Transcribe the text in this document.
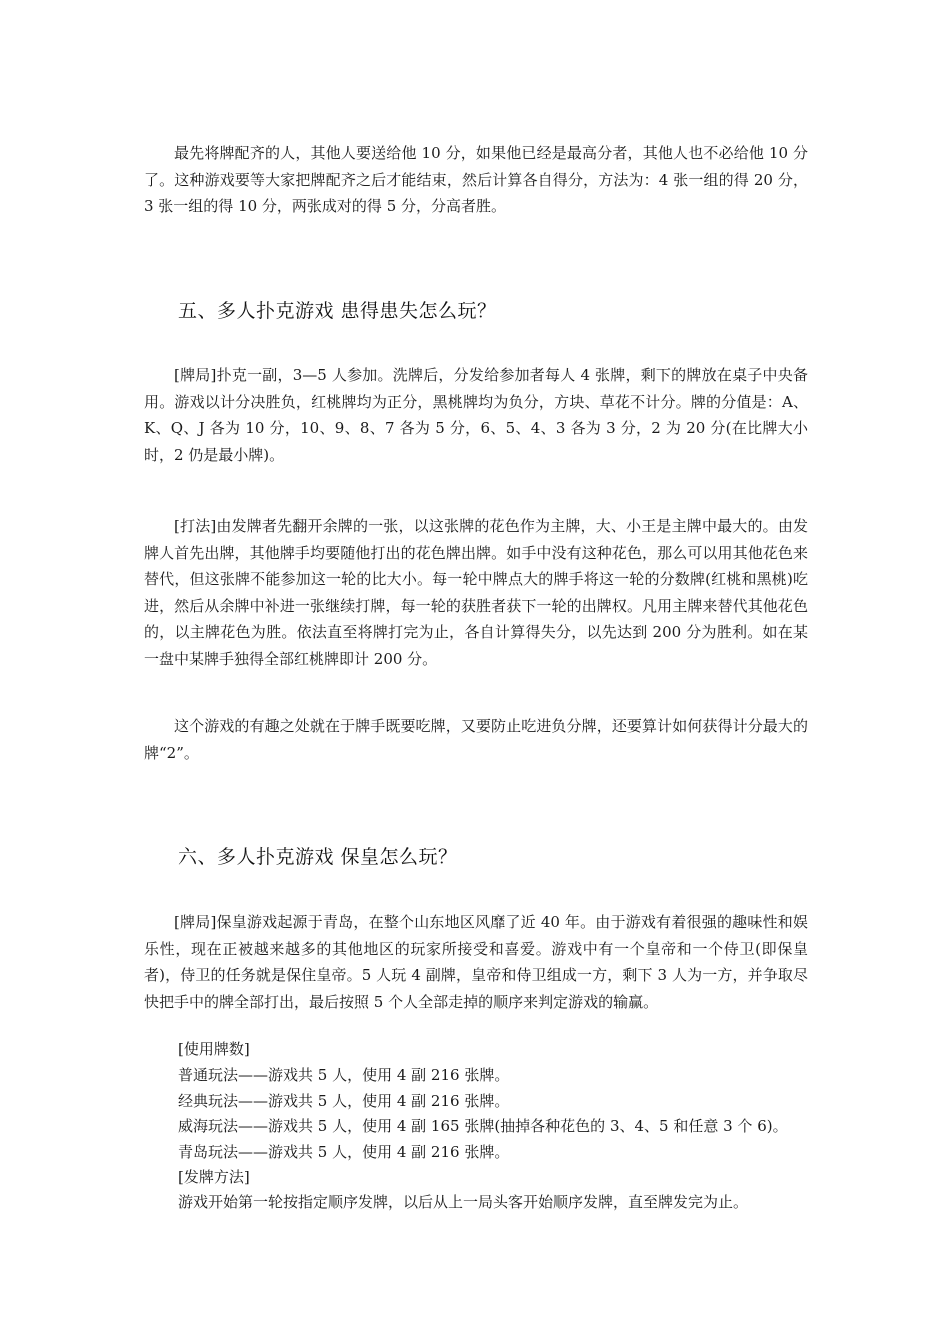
最先将牌配齐的人，其他人要送给他 10 分，如果他已经是最高分者，其他人也不必给他 10 分了。这种游戏要等大家把牌配齐之后才能结束，然后计算各自得分，方法为：4 张一组的得 20 分，3 张一组的得 10 分，两张成对的得 5 分，分高者胜。

五、多人扑克游戏 患得患失怎么玩？

[牌局]扑克一副，3—5 人参加。洗牌后，分发给参加者每人 4 张牌，剩下的牌放在桌子中央备用。游戏以计分决胜负，红桃牌均为正分，黑桃牌均为负分，方块、草花不计分。牌的分值是：A、K、Q、J 各为 10 分，10、9、8、7 各为 5 分，6、5、4、3 各为 3 分，2 为 20 分(在比牌大小时，2 仍是最小牌)。

[打法]由发牌者先翻开余牌的一张，以这张牌的花色作为主牌，大、小王是主牌中最大的。由发牌人首先出牌，其他牌手均要随他打出的花色牌出牌。如手中没有这种花色，那么可以用其他花色来替代，但这张牌不能参加这一轮的比大小。每一轮中牌点大的牌手将这一轮的分数牌(红桃和黑桃)吃进，然后从余牌中补进一张继续打牌，每一轮的获胜者获下一轮的出牌权。凡用主牌来替代其他花色的，以主牌花色为胜。依法直至将牌打完为止，各自计算得失分，以先达到 200 分为胜利。如在某一盘中某牌手独得全部红桃牌即计 200 分。

这个游戏的有趣之处就在于牌手既要吃牌，又要防止吃进负分牌，还要算计如何获得计分最大的牌“2”。

六、多人扑克游戏 保皇怎么玩？

[牌局]保皇游戏起源于青岛，在整个山东地区风靡了近 40 年。由于游戏有着很强的趣味性和娱乐性，现在正被越来越多的其他地区的玩家所接受和喜爱。游戏中有一个皇帝和一个侍卫(即保皇者)，侍卫的任务就是保住皇帝。5 人玩 4 副牌，皇帝和侍卫组成一方，剩下 3 人为一方，并争取尽快把手中的牌全部打出，最后按照 5 个人全部走掉的顺序来判定游戏的输赢。

[使用牌数]

普通玩法——游戏共 5 人，使用 4 副 216 张牌。

经典玩法——游戏共 5 人，使用 4 副 216 张牌。

威海玩法——游戏共 5 人，使用 4 副 165 张牌(抽掉各种花色的 3、4、5 和任意 3 个 6)。

青岛玩法——游戏共 5 人，使用 4 副 216 张牌。

[发牌方法]

游戏开始第一轮按指定顺序发牌，以后从上一局头客开始顺序发牌，直至牌发完为止。
